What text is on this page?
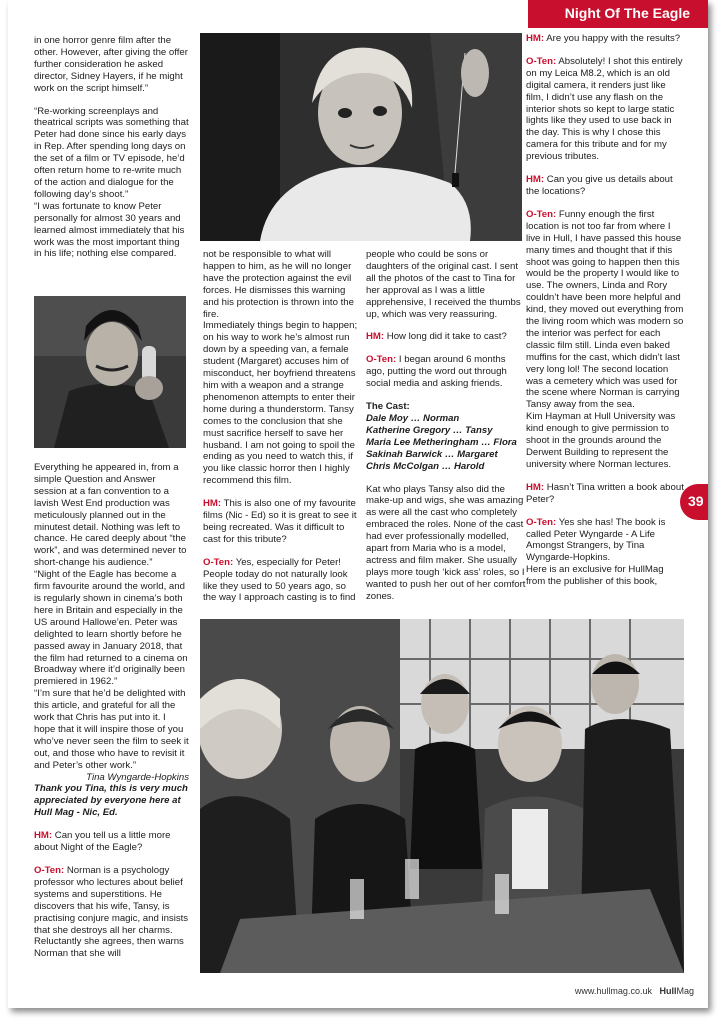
Night Of The Eagle

in one horror genre film after the other. However, after giving the offer further consideration he asked director, Sidney Hayers, if he might work on the script himself.”

“Re-working screenplays and theatrical scripts was something that Peter had done since his early days in Rep. After spending long days on the set of a film or TV episode, he’d often return home to re-write much of the action and dialogue for the following day’s shoot.”

“I was fortunate to know Peter personally for almost 30 years and learned almost immediately that his work was the most important thing in his life; nothing else compared.

Everything he appeared in, from a simple Question and Answer session at a fan convention to a lavish West End production was meticulously planned out in the minutest detail. Nothing was left to chance. He cared deeply about “the work”, and was determined never to short-change his audience.”

“Night of the Eagle has become a firm favourite around the world, and is regularly shown in cinema’s both here in Britain and especially in the US around Hallowe’en. Peter was delighted to learn shortly before he passed away in January 2018, that the film had returned to a cinema on Broadway where it’d originally been premiered in 1962.”

“I’m sure that he’d be delighted with this article, and grateful for all the work that Chris has put into it. I hope that it will inspire those of you who’ve never seen the film to seek it out, and those who have to revisit it and Peter’s other work.”

Tina Wyngarde-Hopkins

Thank you Tina, this is very much appreciated by everyone here at Hull Mag - Nic, Ed.

HM: Can you tell us a little more about Night of the Eagle?

O-Ten: Norman is a psychology professor who lectures about belief systems and superstitions. He discovers that his wife, Tansy, is practising conjure magic, and insists that she destroys all her charms. Reluctantly she agrees, then warns Norman that she will

not be responsible to what will happen to him, as he will no longer have the protection against the evil forces. He dismisses this warning and his protection is thrown into the fire.

Immediately things begin to happen; on his way to work he’s almost run down by a speeding van, a female student (Margaret) accuses him of misconduct, her boyfriend threatens him with a weapon and a strange phenomenon attempts to enter their home during a thunderstorm. Tansy comes to the conclusion that she must sacrifice herself to save her husband. I am not going to spoil the ending as you need to watch this, if you like classic horror then I highly recommend this film.

HM: This is also one of my favourite films (Nic - Ed) so it is great to see it being recreated. Was it difficult to cast for this tribute?

O-Ten: Yes, especially for Peter! People today do not naturally look like they used to 50 years ago, so the way I approach casting is to find

people who could be sons or daughters of the original cast. I sent all the photos of the cast to Tina for her approval as I was a little apprehensive, I received the thumbs up, which was very reassuring.

HM: How long did it take to cast?

O-Ten: I began around 6 months ago, putting the word out through social media and asking friends.

The Cast:
Dale Moy … Norman
Katherine Gregory … Tansy
Maria Lee Metheringham … Flora
Sakinah Barwick … Margaret

Chris McColgan … Harold

Kat who plays Tansy also did the make-up and wigs, she was amazing as were all the cast who completely embraced the roles. None of the cast had ever professionally modelled, apart from Maria who is a model, actress and film maker. She usually plays more tough ‘kick ass’ roles, so I wanted to push her out of her comfort zones.

HM: Are you happy with the results?

O-Ten: Absolutely! I shot this entirely on my Leica M8.2, which is an old digital camera, it renders just like film, I didn’t use any flash on the interior shots so kept to large static lights like they used to use back in the day. This is why I chose this camera for this tribute and for my previous tributes.

HM: Can you give us details about the locations?

O-Ten: Funny enough the first location is not too far from where I live in Hull, I have passed this house many times and thought that if this shoot was going to happen then this would be the property I would like to use. The owners, Linda and Rory couldn’t have been more helpful and kind, they moved out everything from the living room which was modern so the interior was perfect for each classic film still. Linda even baked muffins for the cast, which didn’t last very long lol! The second location was a cemetery which was used for the scene where Norman is carrying Tansy away from the sea.

Kim Hayman at Hull University was kind enough to give permission to shoot in the grounds around the Derwent Building to represent the university where Norman lectures.

HM: Hasn’t Tina written a book about Peter?

O-Ten: Yes she has! The book is called Peter Wyngarde - A Life Amongst Strangers, by Tina Wyngarde-Hopkins.

Here is an exclusive for HullMag from the publisher of this book,

39
www.hullmag.co.uk HullMag
